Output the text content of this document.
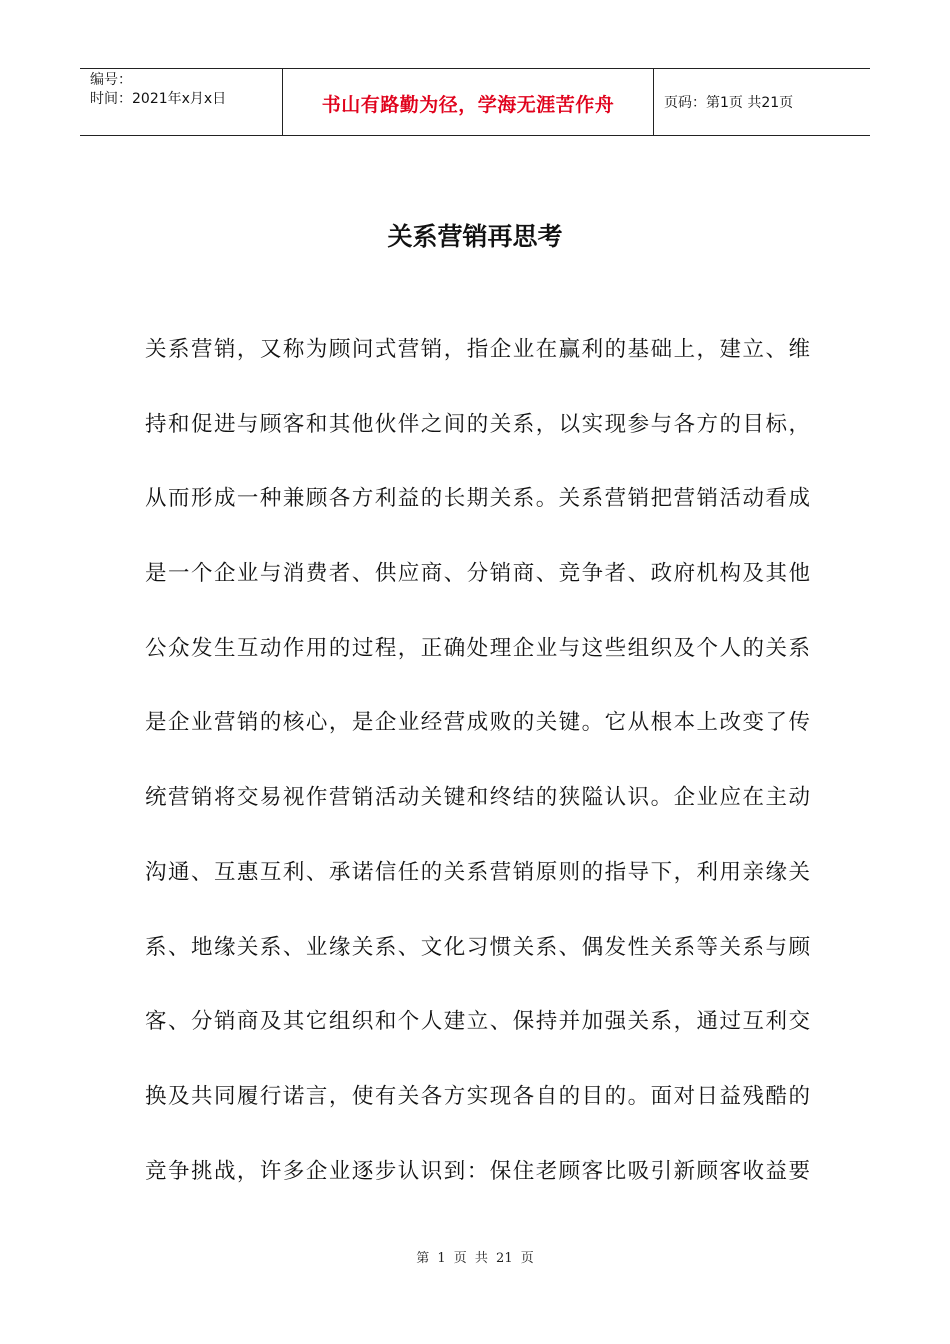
编号：
时间：2021年x月x日	书山有路勤为径，学海无涯苦作舟	页码：第1页 共21页
关系营销再思考
关系营销，又称为顾问式营销，指企业在赢利的基础上，建立、维
持和促进与顾客和其他伙伴之间的关系，以实现参与各方的目标，
从而形成一种兼顾各方利益的长期关系。关系营销把营销活动看成
是一个企业与消费者、供应商、分销商、竞争者、政府机构及其他
公众发生互动作用的过程，正确处理企业与这些组织及个人的关系
是企业营销的核心，是企业经营成败的关键。它从根本上改变了传
统营销将交易视作营销活动关键和终结的狭隘认识。企业应在主动
沟通、互惠互利、承诺信任的关系营销原则的指导下，利用亲缘关
系、地缘关系、业缘关系、文化习惯关系、偶发性关系等关系与顾
客、分销商及其它组织和个人建立、保持并加强关系，通过互利交
换及共同履行诺言，使有关各方实现各自的目的。面对日益残酷的
竞争挑战，许多企业逐步认识到：保住老顾客比吸引新顾客收益要
第 1 页 共 21 页
